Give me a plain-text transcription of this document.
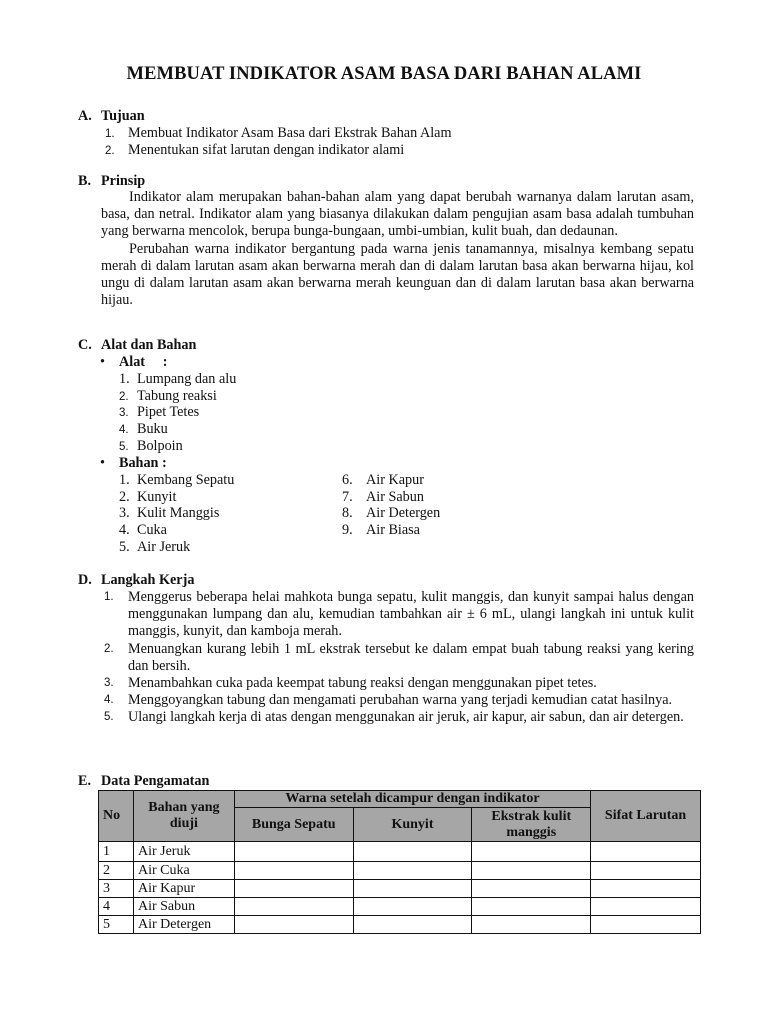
MEMBUAT INDIKATOR ASAM BASA DARI BAHAN ALAMI
A. Tujuan
1. Membuat Indikator Asam Basa dari Ekstrak Bahan Alam
2. Menentukan sifat larutan dengan indikator alami
B. Prinsip

Indikator alam merupakan bahan-bahan alam yang dapat berubah warnanya dalam larutan asam, basa, dan netral. Indikator alam yang biasanya dilakukan dalam pengujian asam basa adalah tumbuhan yang berwarna mencolok, berupa bunga-bungaan, umbi-umbian, kulit buah, dan dedaunan.

Perubahan warna indikator bergantung pada warna jenis tanamannya, misalnya kembang sepatu merah di dalam larutan asam akan berwarna merah dan di dalam larutan basa akan berwarna hijau, kol ungu di dalam larutan asam akan berwarna merah keunguan dan di dalam larutan basa akan berwarna hijau.

C. Alat dan Bahan
• Alat     :
1. Lumpang dan alu
2. Tabung reaksi
3. Pipet Tetes
4. Buku
5. Bolpoin
• Bahan :
1. Kembang Sepatu
2. Kunyit
3. Kulit Manggis
4. Cuka
5. Air Jeruk
6. Air Kapur
7. Air Sabun
8. Air Detergen
9. Air Biasa
D. Langkah Kerja
1. Menggerus beberapa helai mahkota bunga sepatu, kulit manggis, dan kunyit sampai halus dengan menggunakan lumpang dan alu, kemudian tambahkan air ± 6 mL, ulangi langkah ini untuk kulit manggis, kunyit, dan kamboja merah.
2. Menuangkan kurang lebih 1 mL ekstrak tersebut ke dalam empat buah tabung reaksi yang kering dan bersih.
3. Menambahkan cuka pada keempat tabung reaksi dengan menggunakan pipet tetes.
4. Menggoyangkan tabung dan mengamati perubahan warna yang terjadi kemudian catat hasilnya.
5. Ulangi langkah kerja di atas dengan menggunakan air jeruk, air kapur, air sabun, dan air detergen.
E. Data Pengamatan
No	Bahan yang diuji	Warna setelah dicampur dengan indikator			Sifat Larutan
		Bunga Sepatu	Kunyit	Ekstrak kulit manggis	
1	Air Jeruk				
2	Air Cuka				
3	Air Kapur				
4	Air Sabun				
5	Air Detergen				
